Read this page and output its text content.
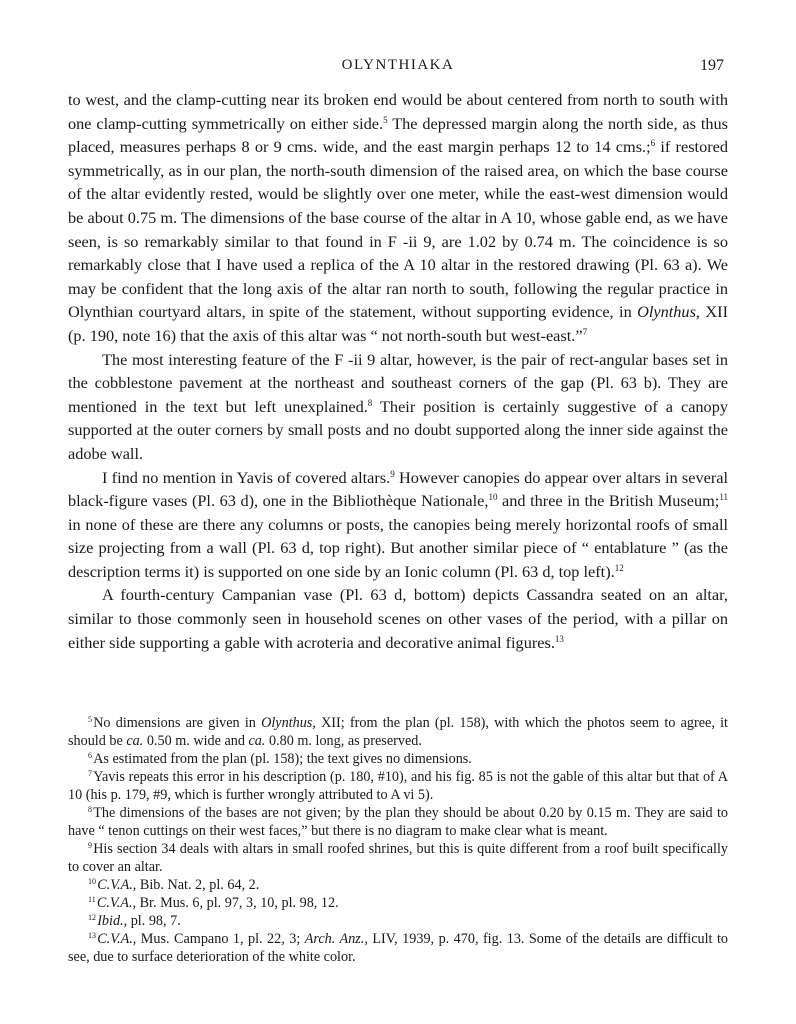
OLYNTHIAKA	197

to west, and the clamp-cutting near its broken end would be about centered from north to south with one clamp-cutting symmetrically on either side.$^5$ The depressed margin along the north side, as thus placed, measures perhaps 8 or 9 cms. wide, and the east margin perhaps 12 to 14 cms.;$^6$ if restored symmetrically, as in our plan, the north-south dimension of the raised area, on which the base course of the altar evidently rested, would be slightly over one meter, while the east-west dimension would be about 0.75 m. The dimensions of the base course of the altar in A 10, whose gable end, as we have seen, is so remarkably similar to that found in F -ii 9, are 1.02 by 0.74 m. The coincidence is so remarkably close that I have used a replica of the A 10 altar in the restored drawing (Pl. 63 a). We may be confident that the long axis of the altar ran north to south, following the regular practice in Olynthian courtyard altars, in spite of the statement, without supporting evidence, in Olynthus, XII (p. 190, note 16) that the axis of this altar was “ not north-south but west-east.”$^7$

The most interesting feature of the F -ii 9 altar, however, is the pair of rect-angular bases set in the cobblestone pavement at the northeast and southeast corners of the gap (Pl. 63 b). They are mentioned in the text but left unexplained.$^8$ Their position is certainly suggestive of a canopy supported at the outer corners by small posts and no doubt supported along the inner side against the adobe wall.

I find no mention in Yavis of covered altars.$^9$ However canopies do appear over altars in several black-figure vases (Pl. 63 d), one in the Bibliothèque Nationale,$^{10}$ and three in the British Museum;$^{11}$ in none of these are there any columns or posts, the canopies being merely horizontal roofs of small size projecting from a wall (Pl. 63 d, top right). But another similar piece of “ entablature ” (as the description terms it) is supported on one side by an Ionic column (Pl. 63 d, top left).$^{12}$

A fourth-century Campanian vase (Pl. 63 d, bottom) depicts Cassandra seated on an altar, similar to those commonly seen in household scenes on other vases of the period, with a pillar on either side supporting a gable with acroteria and decorative animal figures.$^{13}$

$^5$ No dimensions are given in Olynthus, XII; from the plan (pl. 158), with which the photos seem to agree, it should be ca. 0.50 m. wide and ca. 0.80 m. long, as preserved.

$^6$ As estimated from the plan (pl. 158); the text gives no dimensions.

$^7$ Yavis repeats this error in his description (p. 180, #10), and his fig. 85 is not the gable of this altar but that of A 10 (his p. 179, #9, which is further wrongly attributed to A vi 5).

$^8$ The dimensions of the bases are not given; by the plan they should be about 0.20 by 0.15 m. They are said to have “ tenon cuttings on their west faces,” but there is no diagram to make clear what is meant.

$^9$ His section 34 deals with altars in small roofed shrines, but this is quite different from a roof built specifically to cover an altar.

$^{10}$ C.V.A., Bib. Nat. 2, pl. 64, 2.

$^{11}$ C.V.A., Br. Mus. 6, pl. 97, 3, 10, pl. 98, 12.

$^{12}$ Ibid., pl. 98, 7.

$^{13}$ C.V.A., Mus. Campano 1, pl. 22, 3; Arch. Anz., LIV, 1939, p. 470, fig. 13. Some of the details are difficult to see, due to surface deterioration of the white color.
